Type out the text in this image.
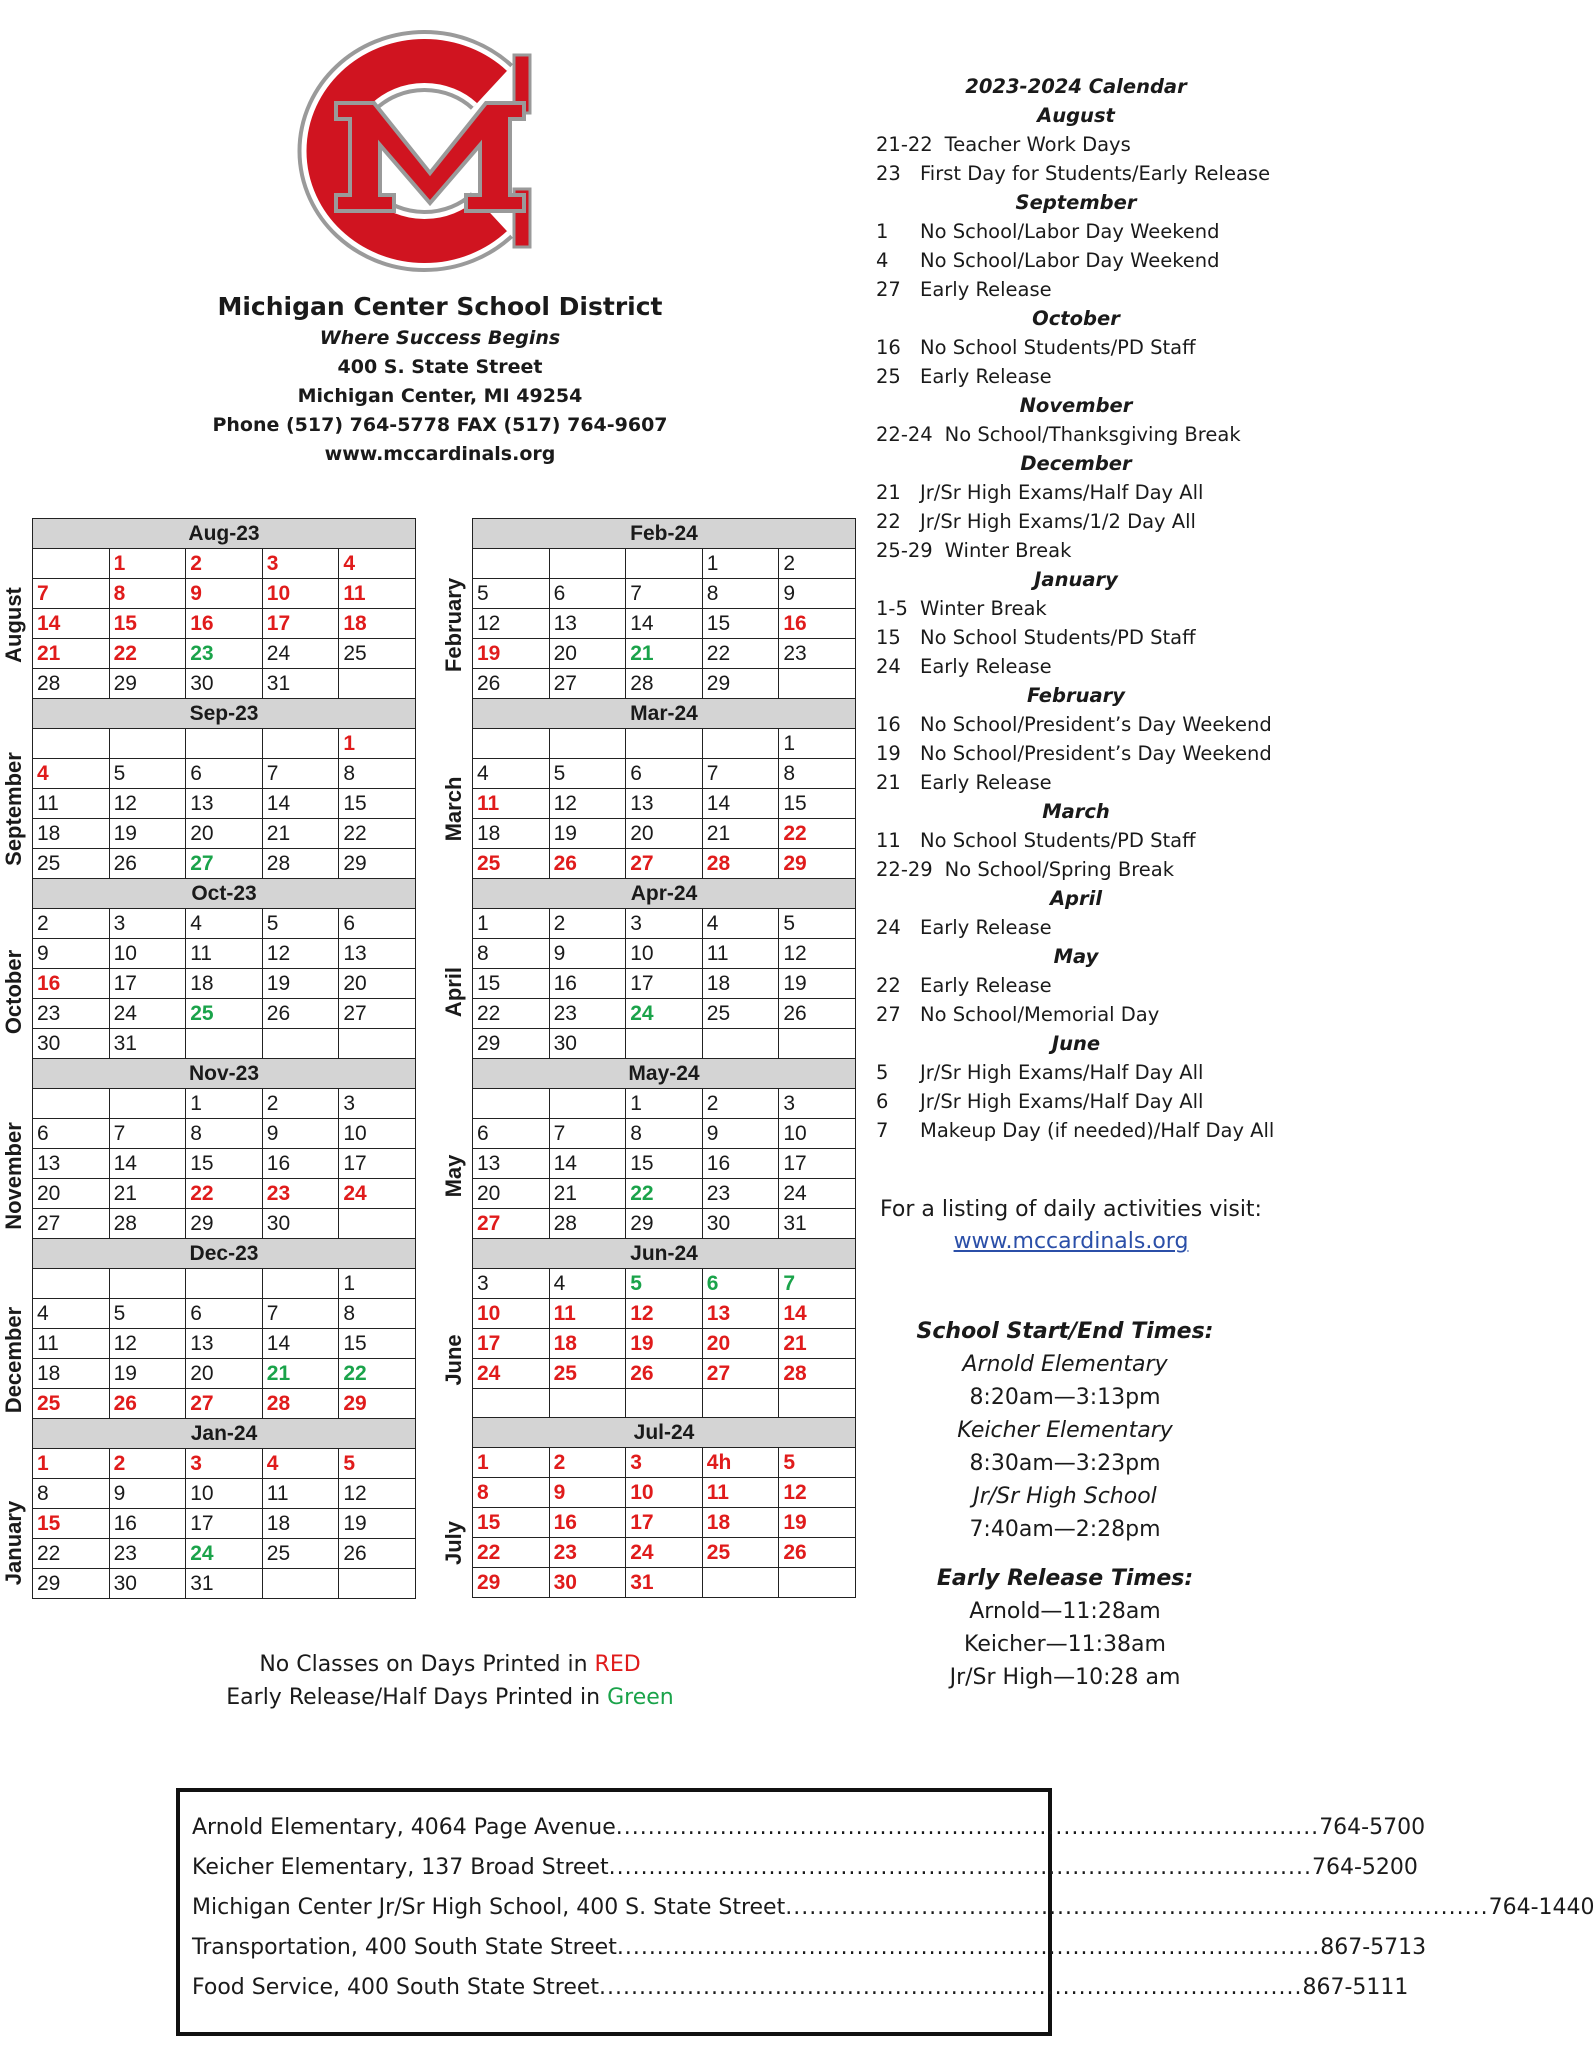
Michigan Center School District
Where Success Begins
400 S. State Street
Michigan Center, MI 49254
Phone (517) 764-5778 FAX (517) 764-9607
www.mccardinals.org
Aug-23				
	1	2	3	4
7	8	9	10	11
14	15	16	17	18
21	22	23	24	25
28	29	30	31	
Sep-23				
				1
4	5	6	7	8
11	12	13	14	15
18	19	20	21	22
25	26	27	28	29
Oct-23				
2	3	4	5	6
9	10	11	12	13
16	17	18	19	20
23	24	25	26	27
30	31			
Nov-23				
		1	2	3
6	7	8	9	10
13	14	15	16	17
20	21	22	23	24
27	28	29	30	
Dec-23				
				1
4	5	6	7	8
11	12	13	14	15
18	19	20	21	22
25	26	27	28	29
Jan-24				
1	2	3	4	5
8	9	10	11	12
15	16	17	18	19
22	23	24	25	26
29	30	31		
Feb-24				
			1	2
5	6	7	8	9
12	13	14	15	16
19	20	21	22	23
26	27	28	29	
Mar-24				
				1
4	5	6	7	8
11	12	13	14	15
18	19	20	21	22
25	26	27	28	29
Apr-24				
1	2	3	4	5
8	9	10	11	12
15	16	17	18	19
22	23	24	25	26
29	30			
May-24				
		1	2	3
6	7	8	9	10
13	14	15	16	17
20	21	22	23	24
27	28	29	30	31
Jun-24				
3	4	5	6	7
10	11	12	13	14
17	18	19	20	21
24	25	26	27	28

Jul-24				
1	2	3	4h	5
8	9	10	11	12
15	16	17	18	19
22	23	24	25	26
29	30	31		
August
September
October
November
December
January
February
March
April
May
June
July
No Classes on Days Printed in RED
Early Release/Half Days Printed in Green
2023-2024 Calendar
August
21-22 Teacher Work Days
23 First Day for Students/Early Release
September
1 No School/Labor Day Weekend
4 No School/Labor Day Weekend
27 Early Release
October
16 No School Students/PD Staff
25 Early Release
November
22-24 No School/Thanksgiving Break
December
21 Jr/Sr High Exams/Half Day All
22 Jr/Sr High Exams/1/2 Day All
25-29 Winter Break
January
1-5 Winter Break
15 No School Students/PD Staff
24 Early Release
February
16 No School/President’s Day Weekend
19 No School/President’s Day Weekend
21 Early Release
March
11 No School Students/PD Staff
22-29 No School/Spring Break
April
24 Early Release
May
22 Early Release
27 No School/Memorial Day
June
5 Jr/Sr High Exams/Half Day All
6 Jr/Sr High Exams/Half Day All
7 Makeup Day (if needed)/Half Day All
For a listing of daily activities visit:
www.mccardinals.org
School Start/End Times:
Arnold Elementary
8:20am—3:13pm
Keicher Elementary
8:30am—3:23pm
Jr/Sr High School
7:40am—2:28pm
Early Release Times:
Arnold—11:28am
Keicher—11:38am
Jr/Sr High—10:28 am
Arnold Elementary, 4064 Page Avenue ........................................................................................ 764-5700
Keicher Elementary, 137 Broad Street ........................................................................................ 764-5200
Michigan Center Jr/Sr High School, 400 S. State Street ........................................................................................ 764-1440
Transportation, 400 South State Street ........................................................................................ 867-5713
Food Service, 400 South State Street ........................................................................................ 867-5111
